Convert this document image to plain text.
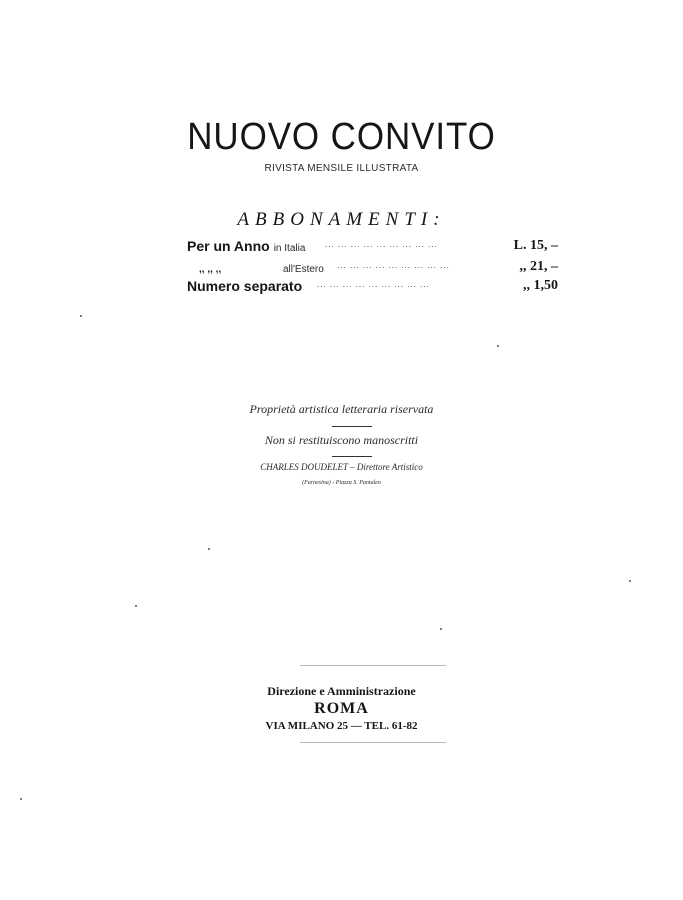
NUOVO CONVITO
RIVISTA MENSILE ILLUSTRATA
ABBONAMENTI:
Per un Anno in Italia ... ... ... ... ... ... ... ... ...	L. 15, –
,, ,, ,,	all'Estero ... ... ... ... ... ... ... ... ...	,, 21, –
Numero separato ... ... ... ... ... ... ... ... ...	,, 1,50
Proprietà artistica letteraria riservata
Non si restituiscono manoscritti
CHARLES DOUDELET – Direttore Artistico
(Farnesina) - Piazza S. Pantaleo
Direzione e Amministrazione
ROMA
VIA MILANO 25 — TEL. 61-82
